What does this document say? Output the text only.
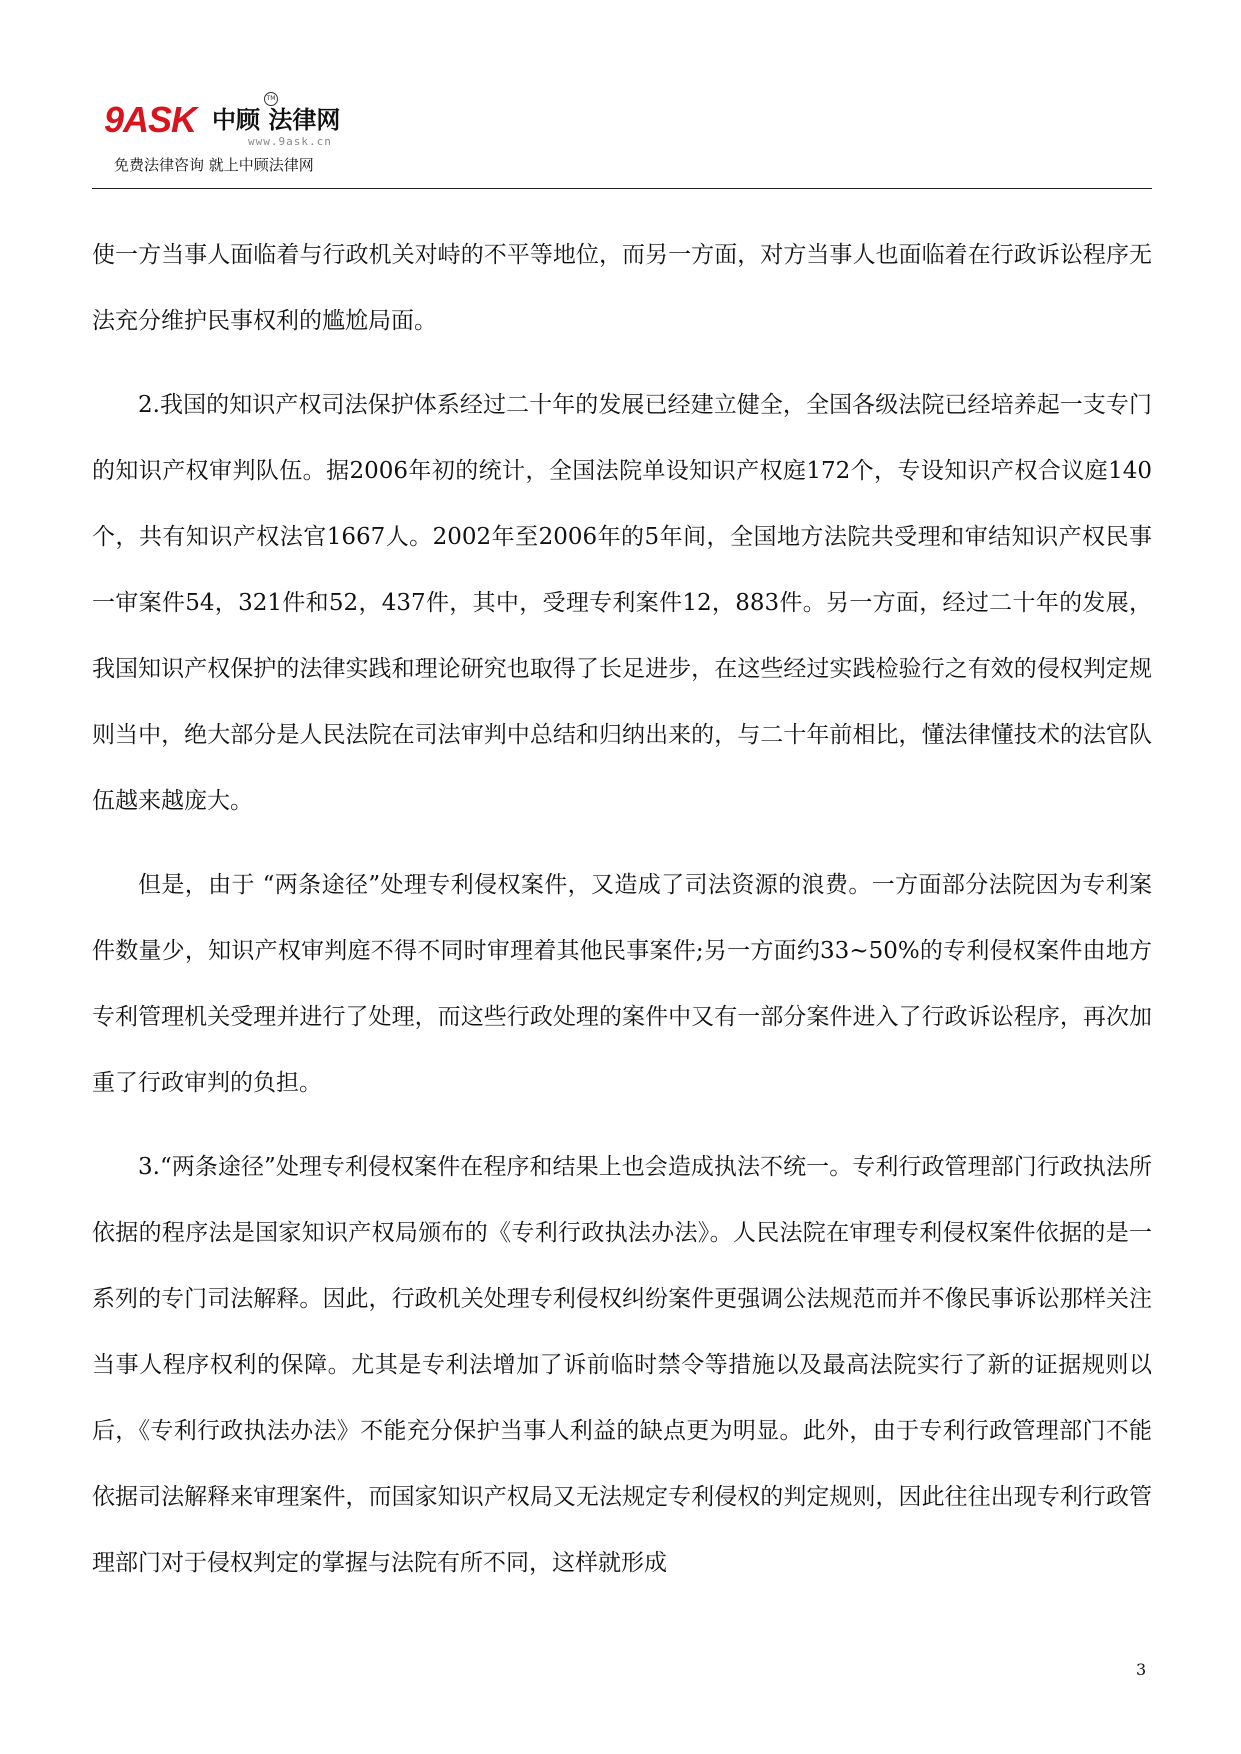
9ASK 中顾 法律网
TM
www.9ask.cn
免费法律咨询 就上中顾法律网

使一方当事人面临着与行政机关对峙的不平等地位，而另一方面，对方当事人也面临着在行政诉讼程序无法充分维护民事权利的尴尬局面。

2.我国的知识产权司法保护体系经过二十年的发展已经建立健全，全国各级法院已经培养起一支专门的知识产权审判队伍。据2006年初的统计，全国法院单设知识产权庭172个，专设知识产权合议庭140个，共有知识产权法官1667人。2002年至2006年的5年间，全国地方法院共受理和审结知识产权民事一审案件54，321件和52，437件，其中，受理专利案件12，883件。另一方面，经过二十年的发展，我国知识产权保护的法律实践和理论研究也取得了长足进步，在这些经过实践检验行之有效的侵权判定规则当中，绝大部分是人民法院在司法审判中总结和归纳出来的，与二十年前相比，懂法律懂技术的法官队伍越来越庞大。

但是，由于 “两条途径”处理专利侵权案件，又造成了司法资源的浪费。一方面部分法院因为专利案件数量少，知识产权审判庭不得不同时审理着其他民事案件;另一方面约33~50%的专利侵权案件由地方专利管理机关受理并进行了处理，而这些行政处理的案件中又有一部分案件进入了行政诉讼程序，再次加重了行政审判的负担。

3.“两条途径”处理专利侵权案件在程序和结果上也会造成执法不统一。专利行政管理部门行政执法所依据的程序法是国家知识产权局颁布的《专利行政执法办法》。人民法院在审理专利侵权案件依据的是一系列的专门司法解释。因此，行政机关处理专利侵权纠纷案件更强调公法规范而并不像民事诉讼那样关注当事人程序权利的保障。尤其是专利法增加了诉前临时禁令等措施以及最高法院实行了新的证据规则以后，《专利行政执法办法》不能充分保护当事人利益的缺点更为明显。此外，由于专利行政管理部门不能依据司法解释来审理案件，而国家知识产权局又无法规定专利侵权的判定规则，因此往往出现专利行政管理部门对于侵权判定的掌握与法院有所不同，这样就形成

3
